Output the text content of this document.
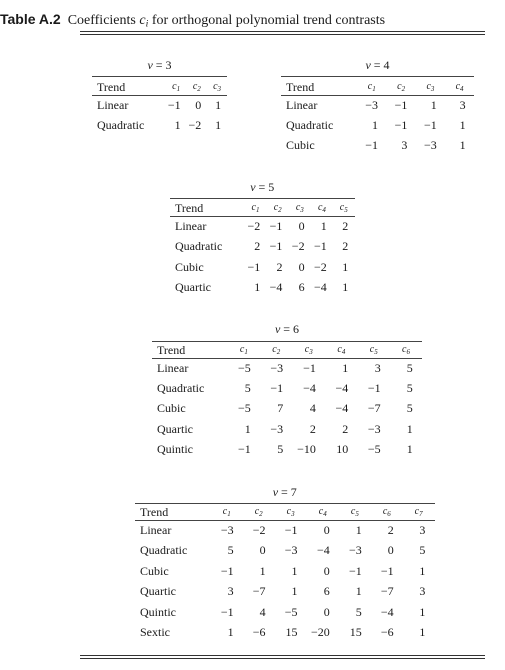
Table A.2 Coefficients $c_i$ for orthogonal polynomial trend contrasts
v = 3
Trend	$c_1$	$c_2$	$c_3$
Linear	−1	0	1
Quadratic	1	−2	1
v = 4
Trend	$c_1$	$c_2$	$c_3$	$c_4$
Linear	−3	−1	1	3
Quadratic	1	−1	−1	1
Cubic	−1	3	−3	1
v = 5
Trend	$c_1$	$c_2$	$c_3$	$c_4$	$c_5$
Linear	−2	−1	0	1	2
Quadratic	2	−1	−2	−1	2
Cubic	−1	2	0	−2	1
Quartic	1	−4	6	−4	1
v = 6
Trend	$c_1$	$c_2$	$c_3$	$c_4$	$c_5$	$c_6$
Linear	−5	−3	−1	1	3	5
Quadratic	5	−1	−4	−4	−1	5
Cubic	−5	7	4	−4	−7	5
Quartic	1	−3	2	2	−3	1
Quintic	−1	5	−10	10	−5	1
v = 7
Trend	$c_1$	$c_2$	$c_3$	$c_4$	$c_5$	$c_6$	$c_7$
Linear	−3	−2	−1	0	1	2	3
Quadratic	5	0	−3	−4	−3	0	5
Cubic	−1	1	1	0	−1	−1	1
Quartic	3	−7	1	6	1	−7	3
Quintic	−1	4	−5	0	5	−4	1
Sextic	1	−6	15	−20	15	−6	1
